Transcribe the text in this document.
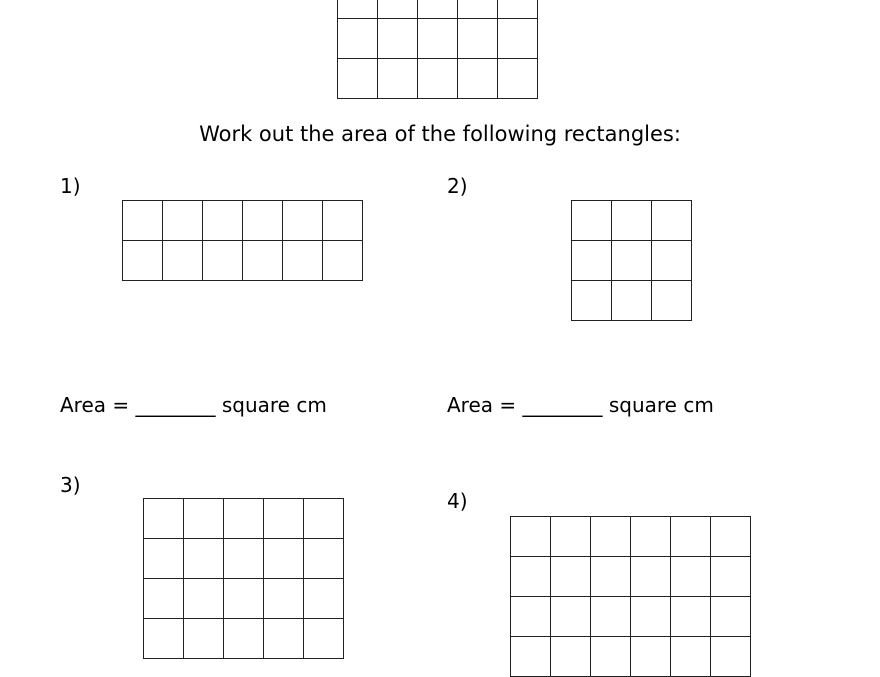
Work out the area of the following rectangles:
1)

Area = ________ square cm
2)

Area = ________ square cm
3)

4)
